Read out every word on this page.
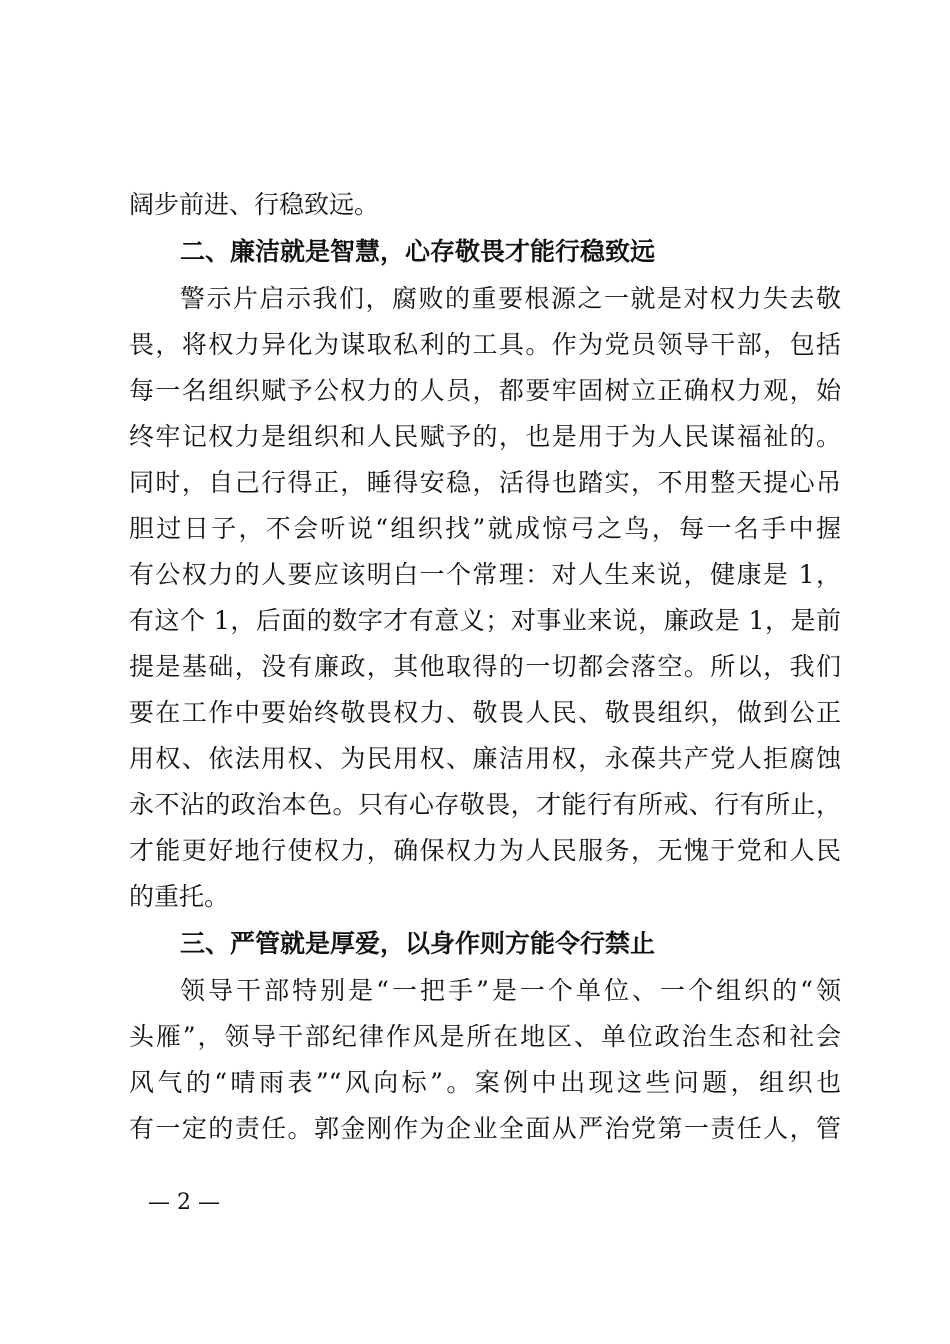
阔步前进、行稳致远。
二、廉洁就是智慧，心存敬畏才能行稳致远
警示片启示我们，腐败的重要根源之一就是对权力失去敬
畏，将权力异化为谋取私利的工具。作为党员领导干部，包括
每一名组织赋予公权力的人员，都要牢固树立正确权力观，始
终牢记权力是组织和人民赋予的，也是用于为人民谋福祉的。
同时，自己行得正，睡得安稳，活得也踏实，不用整天提心吊
胆过日子，不会听说“组织找”就成惊弓之鸟，每一名手中握
有公权力的人要应该明白一个常理：对人生来说，健康是 1，
有这个 1，后面的数字才有意义；对事业来说，廉政是 1，是前
提是基础，没有廉政，其他取得的一切都会落空。所以，我们
要在工作中要始终敬畏权力、敬畏人民、敬畏组织，做到公正
用权、依法用权、为民用权、廉洁用权，永葆共产党人拒腐蚀
永不沾的政治本色。只有心存敬畏，才能行有所戒、行有所止，
才能更好地行使权力，确保权力为人民服务，无愧于党和人民
的重托。
三、严管就是厚爱，以身作则方能令行禁止
领导干部特别是“一把手”是一个单位、一个组织的“领
头雁”，领导干部纪律作风是所在地区、单位政治生态和社会
风气的“晴雨表”“风向标”。案例中出现这些问题，组织也
有一定的责任。郭金刚作为企业全面从严治党第一责任人，管
— 2 —
